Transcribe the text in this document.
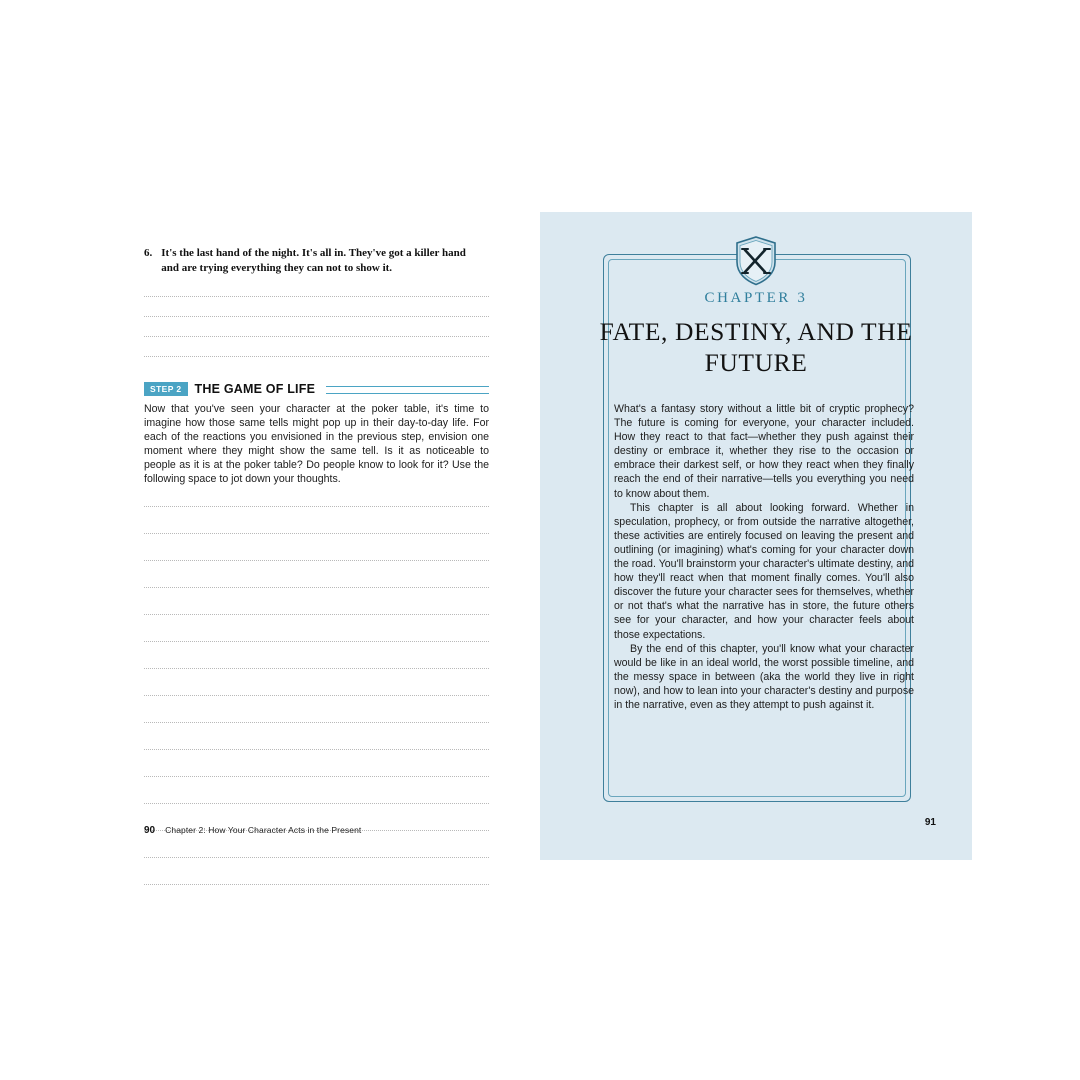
6. It's the last hand of the night. It's all in. They've got a killer hand and are trying everything they can not to show it.
STEP 2	THE GAME OF LIFE
Now that you've seen your character at the poker table, it's time to imagine how those same tells might pop up in their day-to-day life. For each of the reactions you envisioned in the previous step, envision one moment where they might show the same tell. Is it as noticeable to people as it is at the poker table? Do people know to look for it? Use the following space to jot down your thoughts.
90 Chapter 2: How Your Character Acts in the Present
CHAPTER 3
FATE, DESTINY, AND THE FUTURE

What's a fantasy story without a little bit of cryptic prophecy? The future is coming for everyone, your character included. How they react to that fact—whether they push against their destiny or embrace it, whether they rise to the occasion or embrace their darkest self, or how they react when they finally reach the end of their narrative—tells you everything you need to know about them.

This chapter is all about looking forward. Whether in speculation, prophecy, or from outside the narrative altogether, these activities are entirely focused on leaving the present and outlining (or imagining) what's coming for your character down the road. You'll brainstorm your character's ultimate destiny, and how they'll react when that moment finally comes. You'll also discover the future your character sees for themselves, whether or not that's what the narrative has in store, the future others see for your character, and how your character feels about those expectations.

By the end of this chapter, you'll know what your character would be like in an ideal world, the worst possible timeline, and the messy space in between (aka the world they live in right now), and how to lean into your character's destiny and purpose in the narrative, even as they attempt to push against it.

91
